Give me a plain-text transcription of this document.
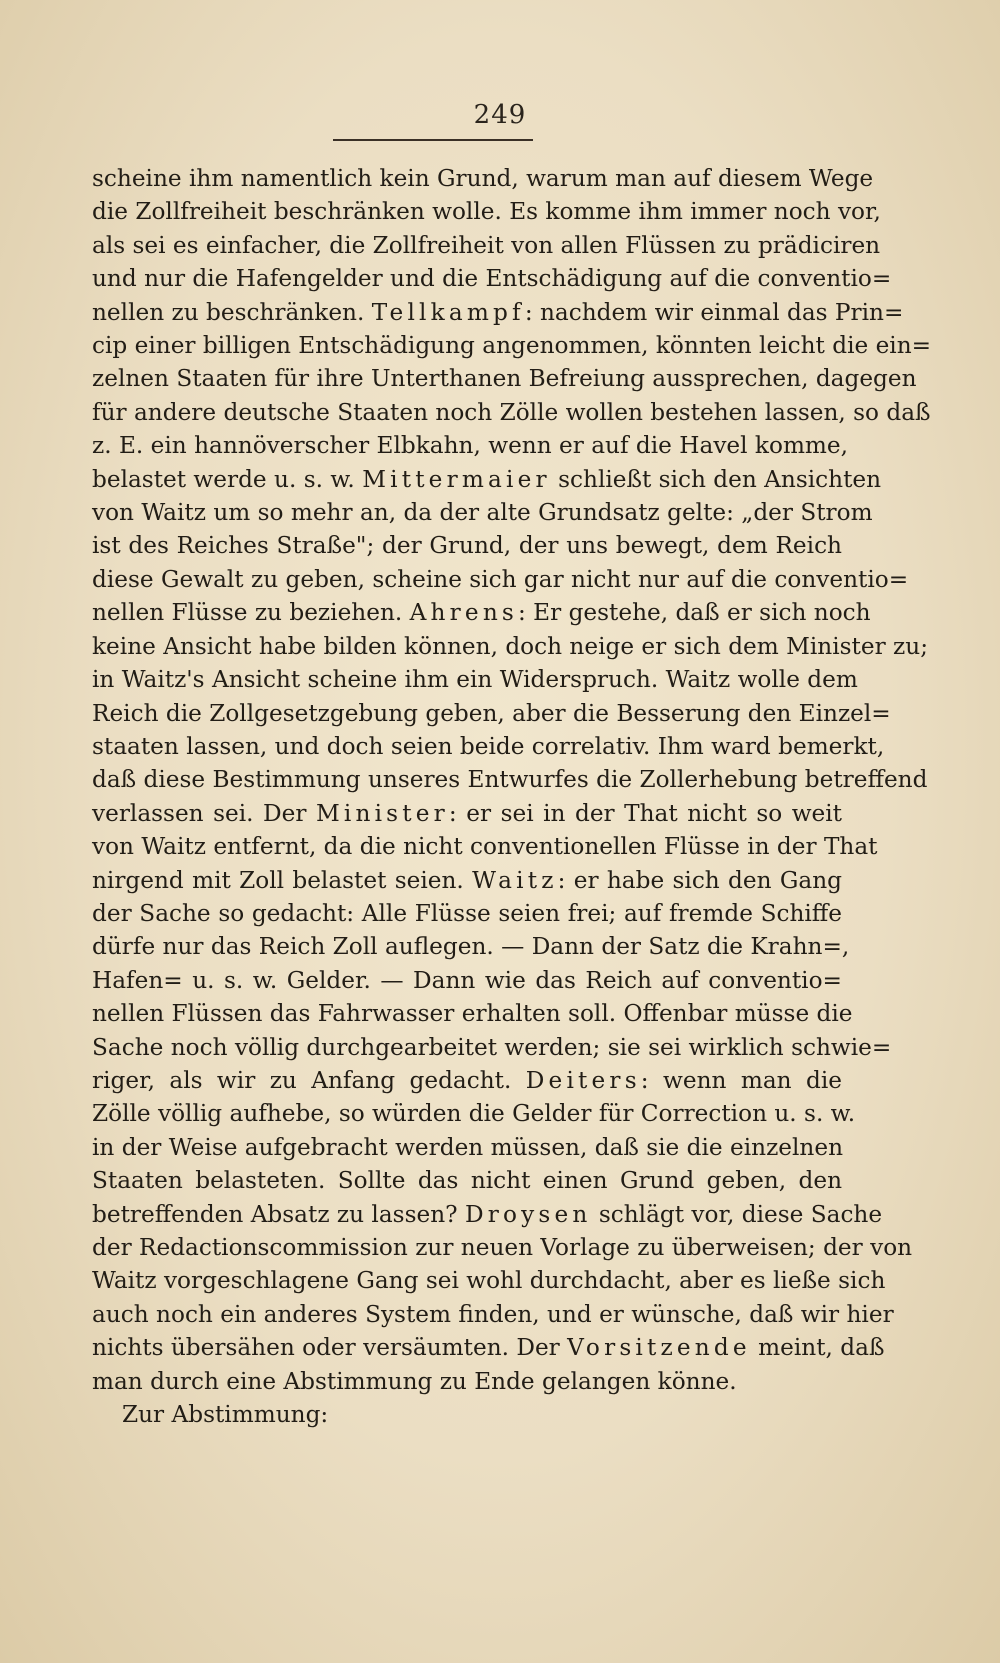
249
scheine ihm namentlich kein Grund, warum man auf diesem Wege
die Zollfreiheit beschränken wolle. Es komme ihm immer noch vor,
als sei es einfacher, die Zollfreiheit von allen Flüssen zu prädiciren
und nur die Hafengelder und die Entschädigung auf die conventio=
nellen zu beschränken. Tellkampf: nachdem wir einmal das Prin=
cip einer billigen Entschädigung angenommen, könnten leicht die ein=
zelnen Staaten für ihre Unterthanen Befreiung aussprechen, dagegen
für andere deutsche Staaten noch Zölle wollen bestehen lassen, so daß
z. E. ein hannöverscher Elbkahn, wenn er auf die Havel komme,
belastet werde u. s. w. Mittermaier schließt sich den Ansichten
von Waitz um so mehr an, da der alte Grundsatz gelte: „der Strom
ist des Reiches Straße"; der Grund, der uns bewegt, dem Reich
diese Gewalt zu geben, scheine sich gar nicht nur auf die conventio=
nellen Flüsse zu beziehen. Ahrens: Er gestehe, daß er sich noch
keine Ansicht habe bilden können, doch neige er sich dem Minister zu;
in Waitz's Ansicht scheine ihm ein Widerspruch. Waitz wolle dem
Reich die Zollgesetzgebung geben, aber die Besserung den Einzel=
staaten lassen, und doch seien beide correlativ. Ihm ward bemerkt,
daß diese Bestimmung unseres Entwurfes die Zollerhebung betreffend
verlassen sei. Der Minister: er sei in der That nicht so weit
von Waitz entfernt, da die nicht conventionellen Flüsse in der That
nirgend mit Zoll belastet seien. Waitz: er habe sich den Gang
der Sache so gedacht: Alle Flüsse seien frei; auf fremde Schiffe
dürfe nur das Reich Zoll auflegen. — Dann der Satz die Krahn=,
Hafen= u. s. w. Gelder. — Dann wie das Reich auf conventio=
nellen Flüssen das Fahrwasser erhalten soll. Offenbar müsse die
Sache noch völlig durchgearbeitet werden; sie sei wirklich schwie=
riger, als wir zu Anfang gedacht. Deiters: wenn man die
Zölle völlig aufhebe, so würden die Gelder für Correction u. s. w.
in der Weise aufgebracht werden müssen, daß sie die einzelnen
Staaten belasteten. Sollte das nicht einen Grund geben, den
betreffenden Absatz zu lassen? Droysen schlägt vor, diese Sache
der Redactionscommission zur neuen Vorlage zu überweisen; der von
Waitz vorgeschlagene Gang sei wohl durchdacht, aber es ließe sich
auch noch ein anderes System finden, und er wünsche, daß wir hier
nichts übersähen oder versäumten. Der Vorsitzende meint, daß
man durch eine Abstimmung zu Ende gelangen könne.
Zur Abstimmung:
